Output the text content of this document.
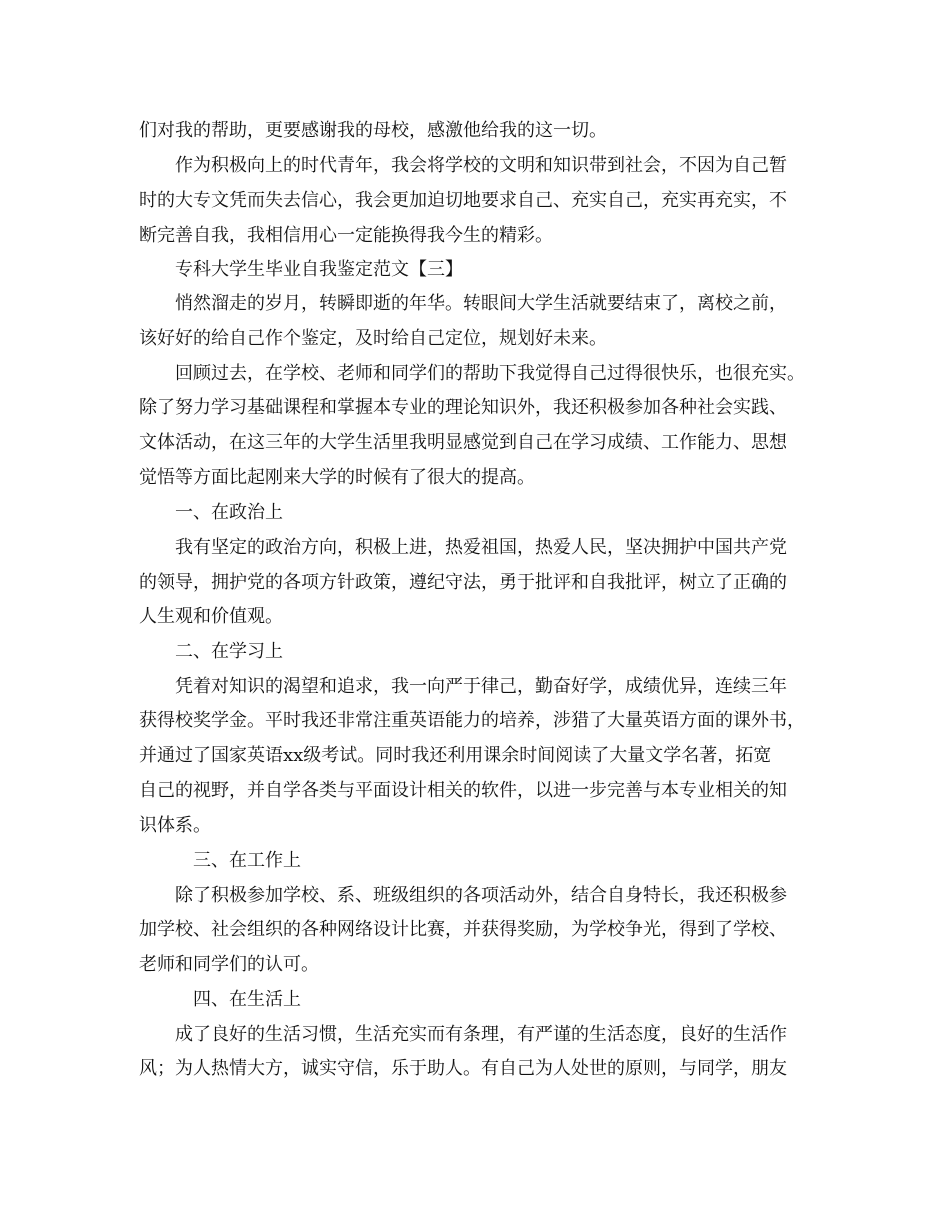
们对我的帮助，更要感谢我的母校，感激他给我的这一切。
作为积极向上的时代青年，我会将学校的文明和知识带到社会，不因为自己暂
时的大专文凭而失去信心，我会更加迫切地要求自己、充实自己，充实再充实，不
断完善自我，我相信用心一定能换得我今生的精彩。
专科大学生毕业自我鉴定范文【三】
悄然溜走的岁月，转瞬即逝的年华。转眼间大学生活就要结束了，离校之前，
该好好的给自己作个鉴定，及时给自己定位，规划好未来。
回顾过去，在学校、老师和同学们的帮助下我觉得自己过得很快乐，也很充实。
除了努力学习基础课程和掌握本专业的理论知识外，我还积极参加各种社会实践、
文体活动，在这三年的大学生活里我明显感觉到自己在学习成绩、工作能力、思想
觉悟等方面比起刚来大学的时候有了很大的提高。
一、在政治上
我有坚定的政治方向，积极上进，热爱祖国，热爱人民，坚决拥护中国共产党
的领导，拥护党的各项方针政策，遵纪守法，勇于批评和自我批评，树立了正确的
人生观和价值观。
二、在学习上
凭着对知识的渴望和追求，我一向严于律己，勤奋好学，成绩优异，连续三年
获得校奖学金。平时我还非常注重英语能力的培养，涉猎了大量英语方面的课外书，
并通过了国家英语xx级考试。同时我还利用课余时间阅读了大量文学名著，拓宽
自己的视野，并自学各类与平面设计相关的软件，以进一步完善与本专业相关的知
识体系。
三、在工作上
除了积极参加学校、系、班级组织的各项活动外，结合自身特长，我还积极参
加学校、社会组织的各种网络设计比赛，并获得奖励，为学校争光，得到了学校、
老师和同学们的认可。
四、在生活上
成了良好的生活习惯，生活充实而有条理，有严谨的生活态度，良好的生活作
风；为人热情大方，诚实守信，乐于助人。有自己为人处世的原则，与同学，朋友
